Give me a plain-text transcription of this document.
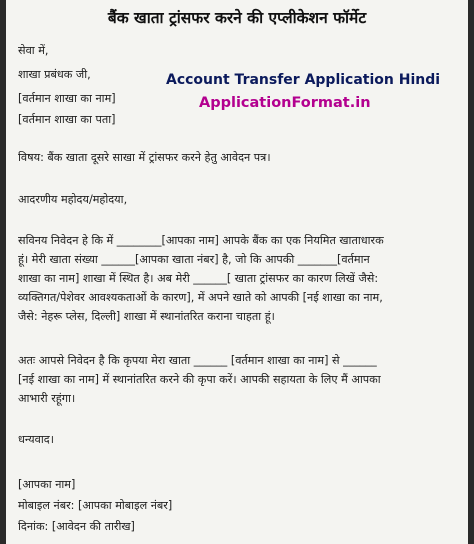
बैंक खाता ट्रांसफर करने की एप्लीकेशन फॉर्मेट
सेवा में,
शाखा प्रबंधक जी,
[वर्तमान शाखा का नाम]
[वर्तमान शाखा का पता]
Account Transfer Application Hindi
ApplicationFormat.in
विषय: बैंक खाता दूसरे साखा में ट्रांसफर करने हेतु आवेदन पत्र।
आदरणीय महोदय/महोदया,
सविनय निवेदन हे कि में ________[आपका नाम] आपके बैंक का एक नियमित खाताधारक
हूं। मेरी खाता संख्या ______[आपका खाता नंबर] है, जो कि आपकी _______[वर्तमान
शाखा का नाम] शाखा में स्थित है। अब मेरी ______[ खाता ट्रांसफर का कारण लिखें जैसे:
व्यक्तिगत/पेशेवर आवश्यकताओं के कारण], में अपने खाते को आपकी [नई शाखा का नाम,
जैसे: नेहरू प्लेस, दिल्ली] शाखा में स्थानांतरित कराना चाहता हूं।
अतः आपसे निवेदन है कि कृपया मेरा खाता ______ [वर्तमान शाखा का नाम] से ______
[नई शाखा का नाम] में स्थानांतरित करने की कृपा करें। आपकी सहायता के लिए मैं आपका
आभारी रहूंगा।
धन्यवाद।
[आपका नाम]
मोबाइल नंबर: [आपका मोबाइल नंबर]
दिनांक: [आवेदन की तारीख]
